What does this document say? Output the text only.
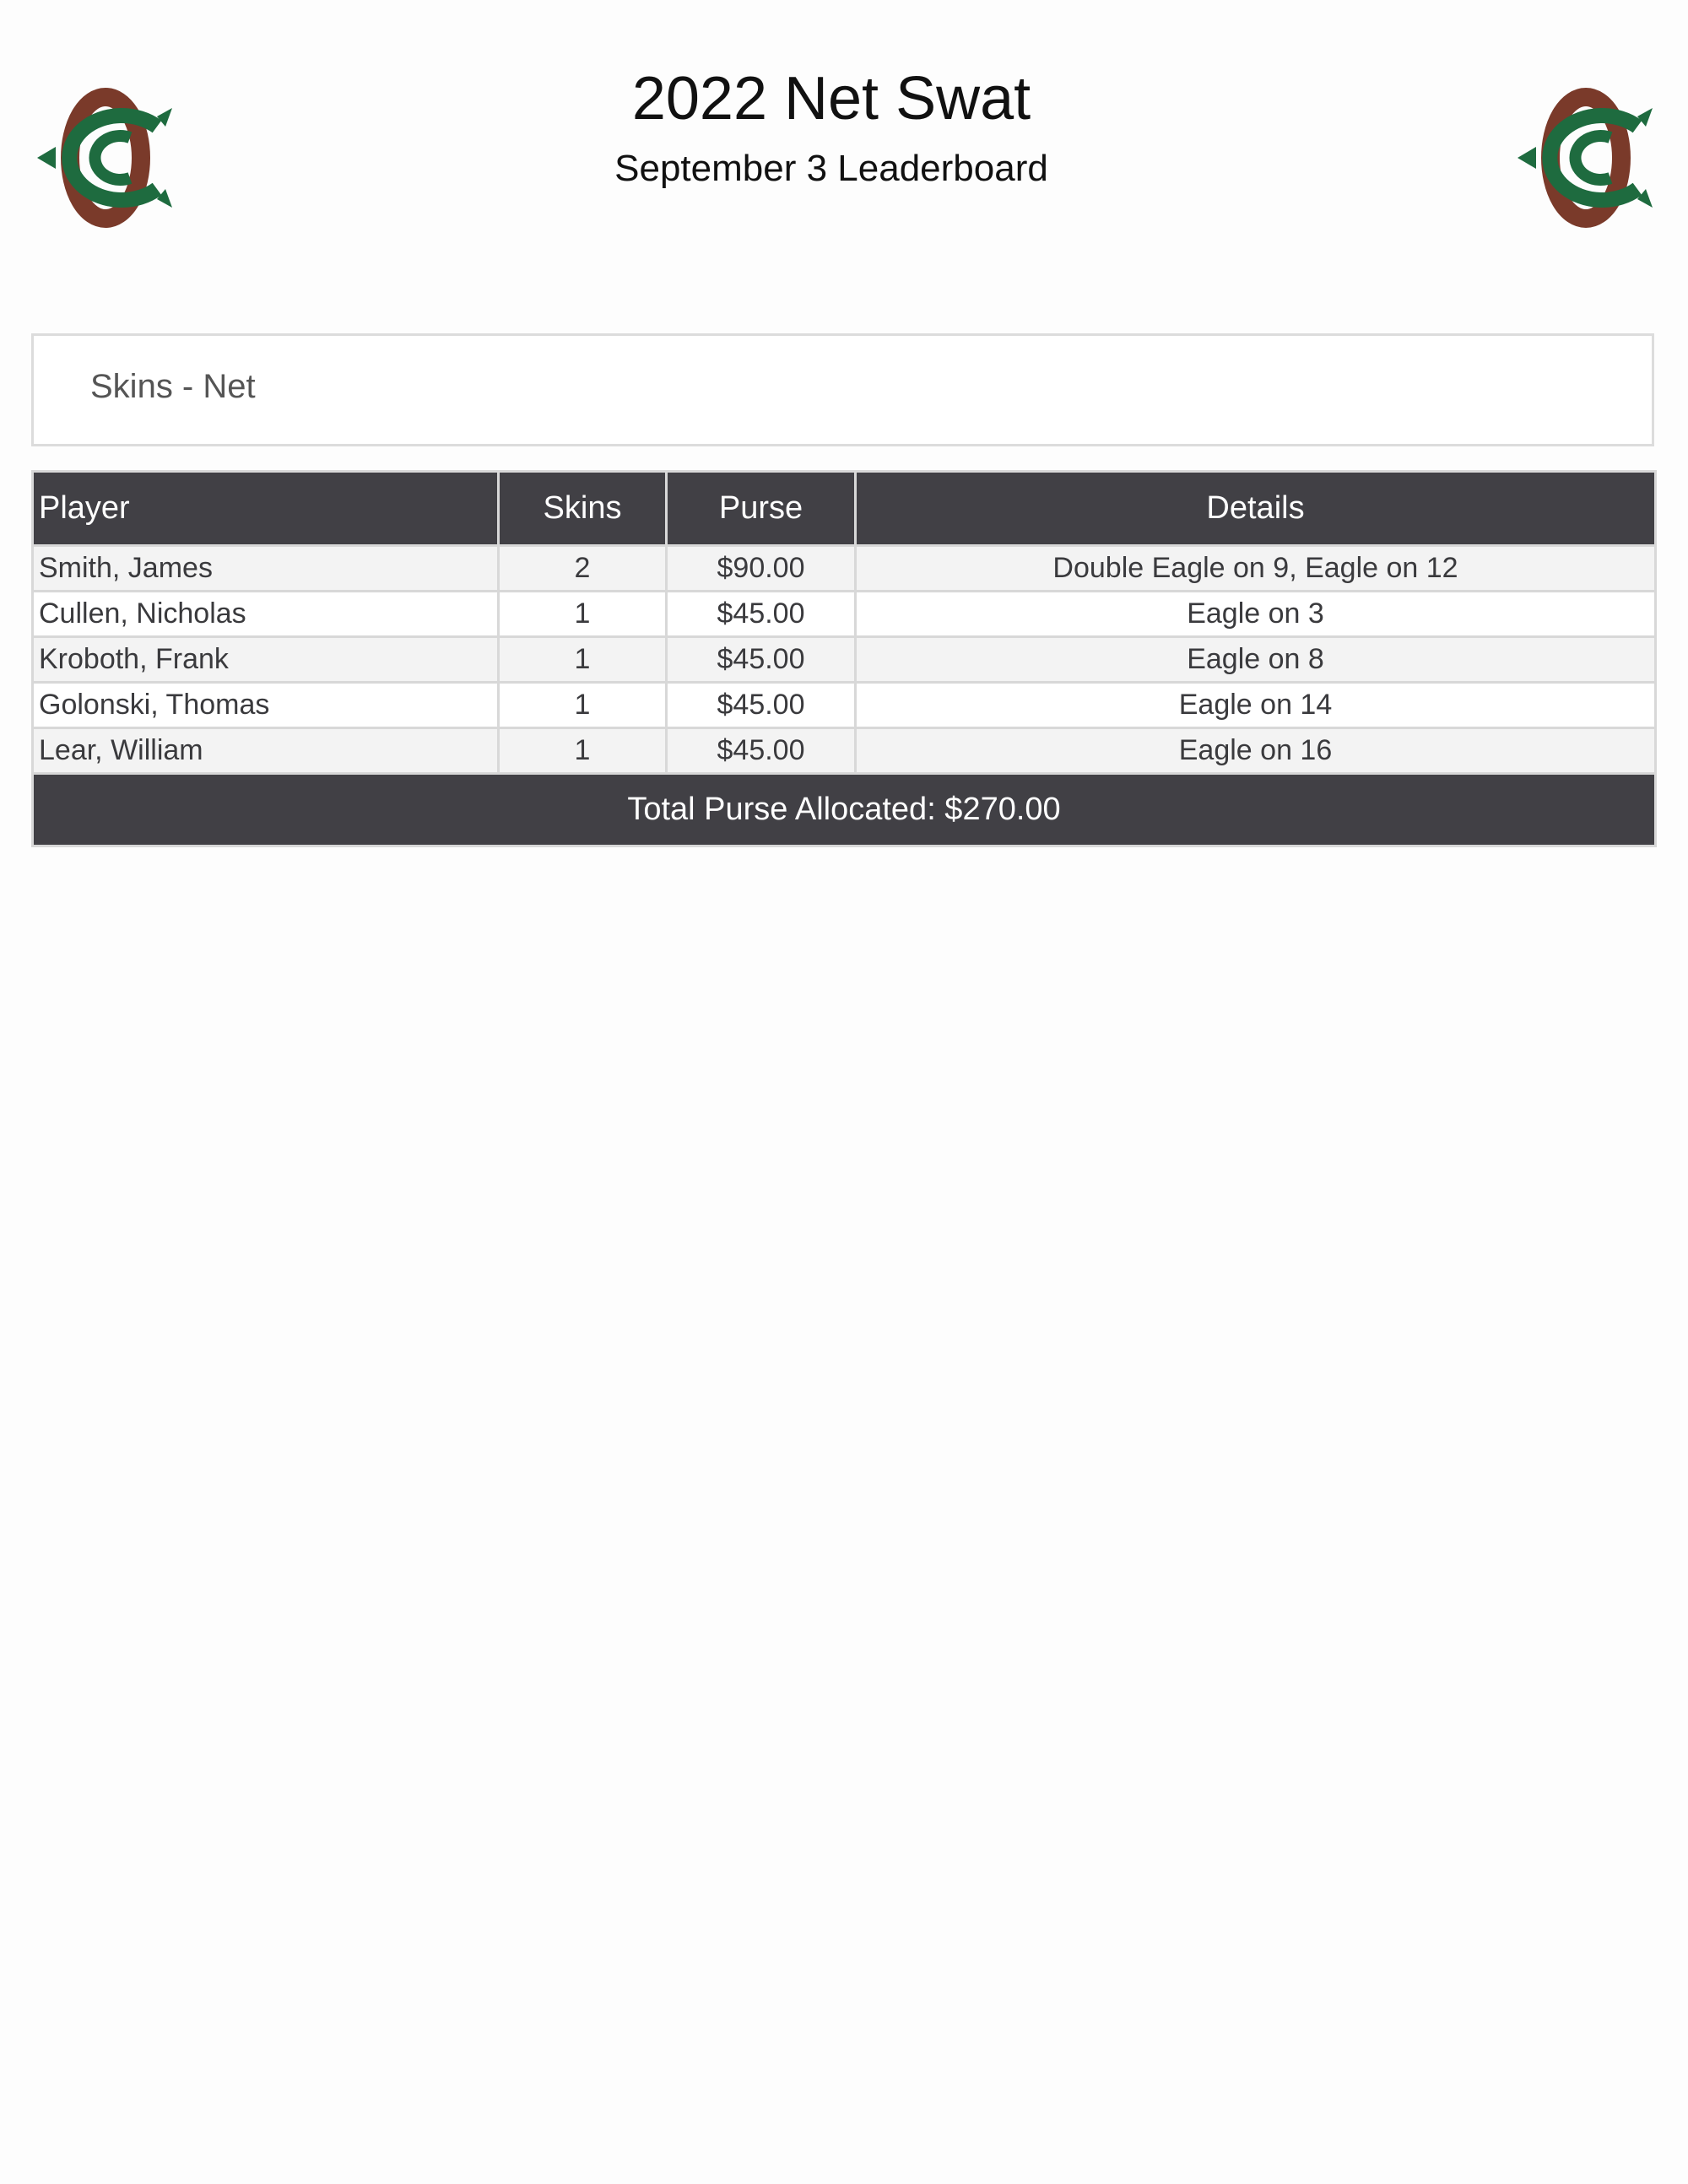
2022 Net Swat
September 3 Leaderboard
Skins - Net
Player	Skins	Purse	Details
Smith, James	2	$90.00	Double Eagle on 9, Eagle on 12
Cullen, Nicholas	1	$45.00	Eagle on 3
Kroboth, Frank	1	$45.00	Eagle on 8
Golonski, Thomas	1	$45.00	Eagle on 14
Lear, William	1	$45.00	Eagle on 16
Total Purse Allocated: $270.00			
